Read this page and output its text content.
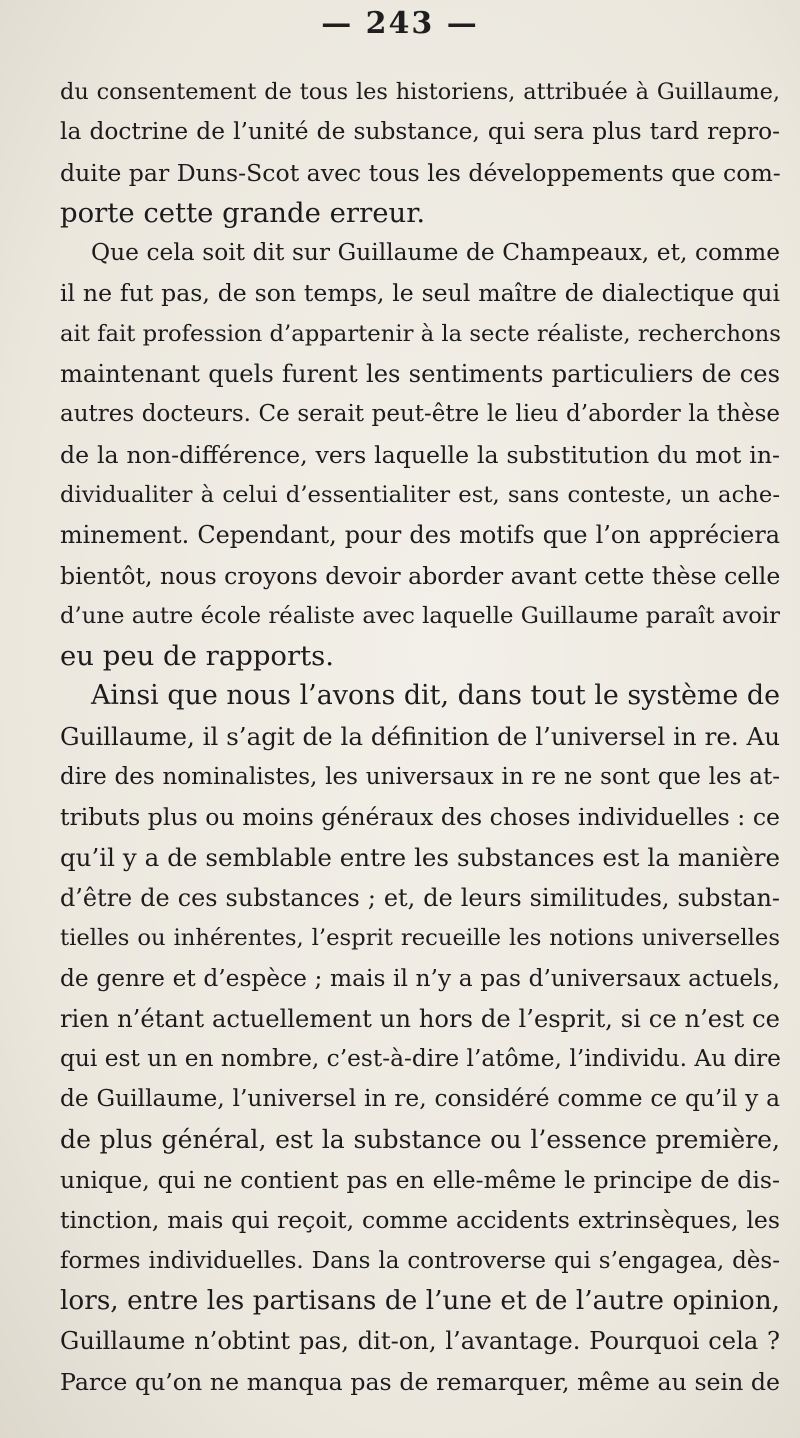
— 243 —
du consentement de tous les historiens, attribuée à Guillaume,
la doctrine de l’unité de substance, qui sera plus tard repro-
duite par Duns-Scot avec tous les développements que com-
porte cette grande erreur.
Que cela soit dit sur Guillaume de Champeaux, et, comme
il ne fut pas, de son temps, le seul maître de dialectique qui
ait fait profession d’appartenir à la secte réaliste, recherchons
maintenant quels furent les sentiments particuliers de ces
autres docteurs. Ce serait peut-être le lieu d’aborder la thèse
de la non-différence, vers laquelle la substitution du mot in-
dividualiter à celui d’essentialiter est, sans conteste, un ache-
minement. Cependant, pour des motifs que l’on appréciera
bientôt, nous croyons devoir aborder avant cette thèse celle
d’une autre école réaliste avec laquelle Guillaume paraît avoir
eu peu de rapports.
Ainsi que nous l’avons dit, dans tout le système de
Guillaume, il s’agit de la définition de l’universel in re. Au
dire des nominalistes, les universaux in re ne sont que les at-
tributs plus ou moins généraux des choses individuelles : ce
qu’il y a de semblable entre les substances est la manière
d’être de ces substances ; et, de leurs similitudes, substan-
tielles ou inhérentes, l’esprit recueille les notions universelles
de genre et d’espèce ; mais il n’y a pas d’universaux actuels,
rien n’étant actuellement un hors de l’esprit, si ce n’est ce
qui est un en nombre, c’est-à-dire l’atôme, l’individu. Au dire
de Guillaume, l’universel in re, considéré comme ce qu’il y a
de plus général, est la substance ou l’essence première,
unique, qui ne contient pas en elle-même le principe de dis-
tinction, mais qui reçoit, comme accidents extrinsèques, les
formes individuelles. Dans la controverse qui s’engagea, dès-
lors, entre les partisans de l’une et de l’autre opinion,
Guillaume n’obtint pas, dit-on, l’avantage. Pourquoi cela ?
Parce qu’on ne manqua pas de remarquer, même au sein de
